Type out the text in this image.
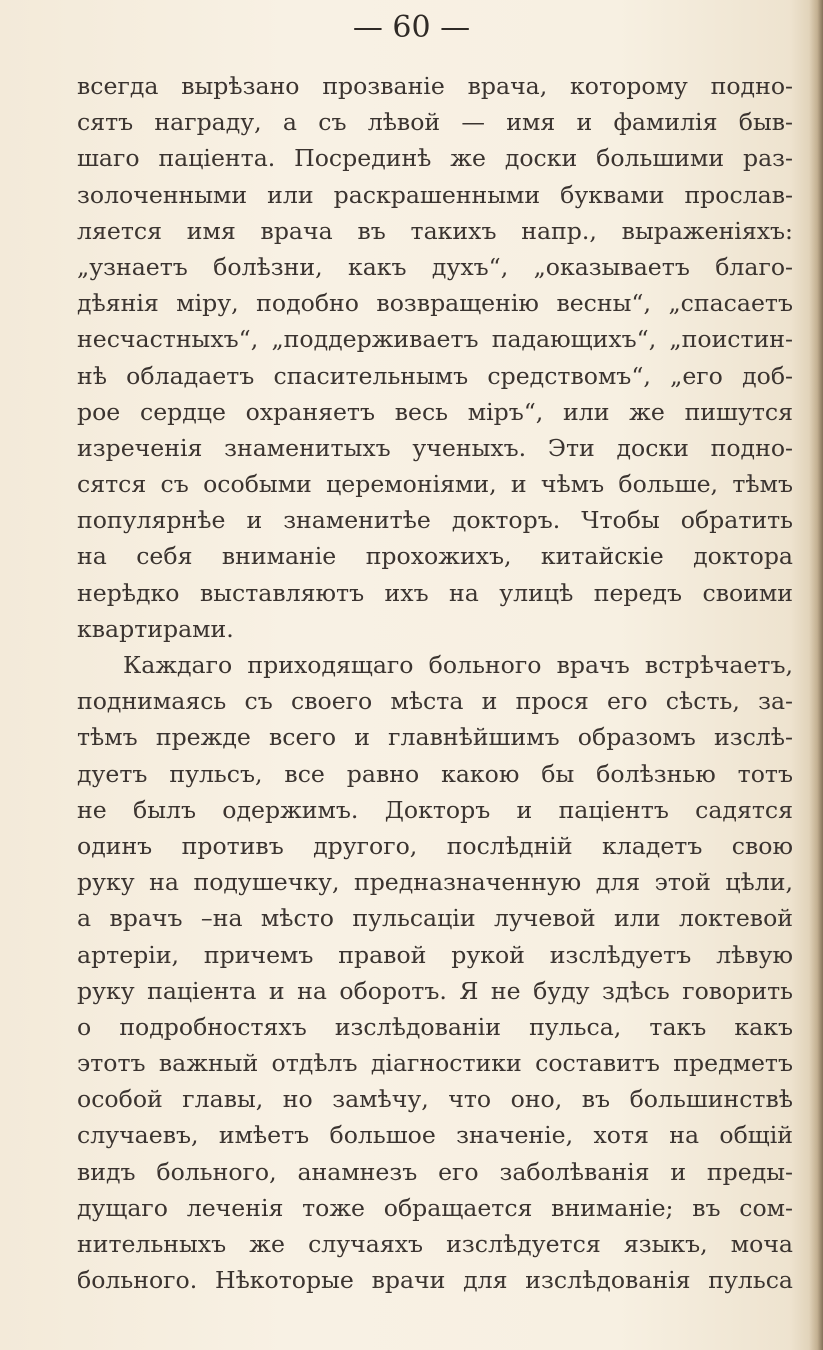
— 60 —
всегда вырѣзано прозванiе врача, которому подно-
сятъ награду, а съ лѣвой — имя и фамилiя быв-
шаго пацiента. Посрединѣ же доски большими раз-
золоченными или раскрашенными буквами прослав-
ляется имя врача въ такихъ напр., выраженiяхъ:
„узнаетъ болѣзни, какъ духъ“, „оказываетъ благо-
дѣянiя мiру, подобно возвращенiю весны“, „спасаетъ
несчастныхъ“, „поддерживаетъ падающихъ“, „поистин-
нѣ обладаетъ спасительнымъ средствомъ“, „его доб-
рое сердце охраняетъ весь мiръ“, или же пишутся
изреченiя знаменитыхъ ученыхъ. Эти доски подно-
сятся съ особыми церемонiями, и чѣмъ больше, тѣмъ
популярнѣе и знаменитѣе докторъ. Чтобы обратить
на себя вниманiе прохожихъ, китайскiе доктора
нерѣдко выставляютъ ихъ на улицѣ передъ своими
квартирами.
Каждаго приходящаго больного врачъ встрѣчаетъ,
поднимаясь съ своего мѣста и прося его сѣсть, за-
тѣмъ прежде всего и главнѣйшимъ образомъ изслѣ-
дуетъ пульсъ, все равно какою бы болѣзнью тотъ
не былъ одержимъ. Докторъ и пацiентъ садятся
одинъ противъ другого, послѣднiй кладетъ свою
руку на подушечку, предназначенную для этой цѣли,
а врачъ –на мѣсто пульсацiи лучевой или локтевой
артерiи, причемъ правой рукой изслѣдуетъ лѣвую
руку пацiента и на оборотъ. Я не буду здѣсь говорить
о подробностяхъ изслѣдованiи пульса, такъ какъ
этотъ важный отдѣлъ дiагностики составитъ предметъ
особой главы, но замѣчу, что оно, въ большинствѣ
случаевъ, имѣетъ большое значенiе, хотя на общiй
видъ больного, анамнезъ его заболѣванiя и преды-
дущаго леченiя тоже обращается вниманiе; въ сом-
нительныхъ же случаяхъ изслѣдуется языкъ, моча
больного. Нѣкоторые врачи для изслѣдованiя пульса
